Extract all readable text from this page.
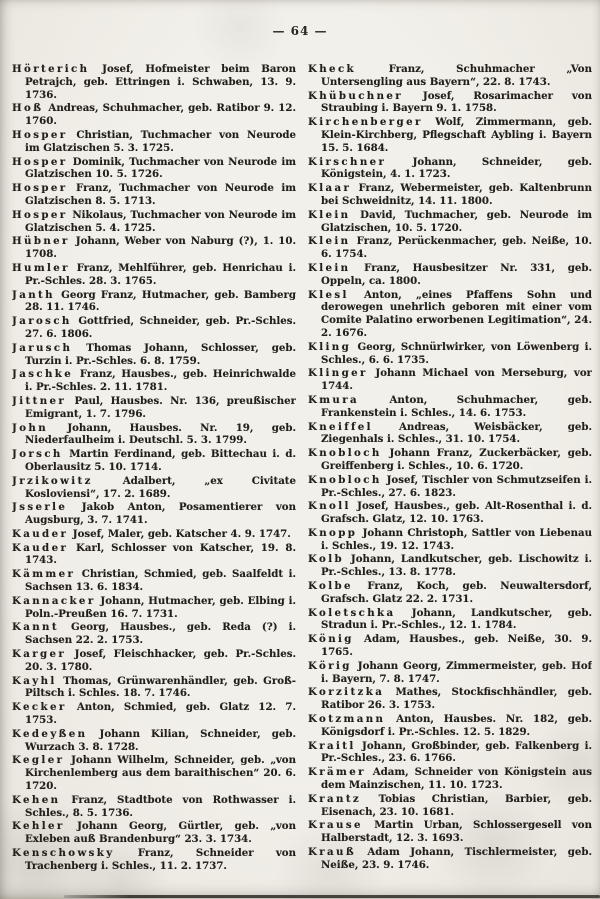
— 64 —

Hörterich Josef, Hofmeister beim Baron Petrajch, geb. Ettringen i. Schwaben, 13. 9. 1736.

Hoß Andreas, Schuhmacher, geb. Ratibor 9. 12. 1760.

Hosper Christian, Tuchmacher von Neurode im Glatzischen 5. 3. 1725.

Hosper Dominik, Tuchmacher von Neurode im Glatzischen 10. 5. 1726.

Hosper Franz, Tuchmacher von Neurode im Glatzischen 8. 5. 1713.

Hosper Nikolaus, Tuchmacher von Neurode im Glatzischen 5. 4. 1725.

Hübner Johann, Weber von Naburg (?), 1. 10. 1708.

Humler Franz, Mehlführer, geb. Henrichau i. Pr.-Schles. 28. 3. 1765.

Janth Georg Franz, Hutmacher, geb. Bamberg 28. 11. 1746.

Jarosch Gottfried, Schneider, geb. Pr.-Schles. 27. 6. 1806.

Jarusch Thomas Johann, Schlosser, geb. Turzin i. Pr.-Schles. 6. 8. 1759.

Jaschke Franz, Hausbes., geb. Heinrichwalde i. Pr.-Schles. 2. 11. 1781.

Jittner Paul, Hausbes. Nr. 136, preußischer Emigrant, 1. 7. 1796.

John Johann, Hausbes. Nr. 19, geb. Niederfaulheim i. Deutschl. 5. 3. 1799.

Jorsch Martin Ferdinand, geb. Bittechau i. d. Oberlausitz 5. 10. 1714.

Jrzikowitz Adalbert, „ex Civitate Kosloviensi“, 17. 2. 1689.

Jsserle Jakob Anton, Posamentierer von Augsburg, 3. 7. 1741.

Kauder Josef, Maler, geb. Katscher 4. 9. 1747.

Kauder Karl, Schlosser von Katscher, 19. 8. 1743.

Kämmer Christian, Schmied, geb. Saalfeldt i. Sachsen 13. 6. 1834.

Kannacker Johann, Hutmacher, geb. Elbing i. Poln.-Preußen 16. 7. 1731.

Kannt Georg, Hausbes., geb. Reda (?) i. Sachsen 22. 2. 1753.

Karger Josef, Fleischhacker, geb. Pr.-Schles. 20. 3. 1780.

Kayhl Thomas, Grünwarenhändler, geb. Groß-Piltsch i. Schles. 18. 7. 1746.

Kecker Anton, Schmied, geb. Glatz 12. 7. 1753.

Kedeyßen Johann Kilian, Schneider, geb. Wurzach 3. 8. 1728.

Kegler Johann Wilhelm, Schneider, geb. „von Kirchenlemberg aus dem baraithischen“ 20. 6. 1720.

Kehen Franz, Stadtbote von Rothwasser i. Schles., 8. 5. 1736.

Kehler Johann Georg, Gürtler, geb. „von Exleben auß Brandenburg“ 23. 3. 1734.

Kenschowsky Franz, Schneider von Trachenberg i. Schles., 11. 2. 1737.

Kheck Franz, Schuhmacher „Von Untersengling aus Bayern“, 22. 8. 1743.

Khübuchner Josef, Rosarimacher von Straubing i. Bayern 9. 1. 1758.

Kirchenberger Wolf, Zimmermann, geb. Klein-Kirchberg, Pflegschaft Aybling i. Bayern 15. 5. 1684.

Kirschner Johann, Schneider, geb. Königstein, 4. 1. 1723.

Klaar Franz, Webermeister, geb. Kaltenbrunn bei Schweidnitz, 14. 11. 1800.

Klein David, Tuchmacher, geb. Neurode im Glatzischen, 10. 5. 1720.

Klein Franz, Perückenmacher, geb. Neiße, 10. 6. 1754.

Klein Franz, Hausbesitzer Nr. 331, geb. Oppeln, ca. 1800.

Klesl Anton, „eines Pfaffens Sohn und derowegen unehrlich geboren mit einer vom Comite Palatino erworbenen Legitimation“, 24. 2. 1676.

Kling Georg, Schnürlwirker, von Löwenberg i. Schles., 6. 6. 1735.

Klinger Johann Michael von Merseburg, vor 1744.

Kmura Anton, Schuhmacher, geb. Frankenstein i. Schles., 14. 6. 1753.

Kneiffel Andreas, Weisbäcker, geb. Ziegenhals i. Schles., 31. 10. 1754.

Knobloch Johann Franz, Zuckerbäcker, geb. Greiffenberg i. Schles., 10. 6. 1720.

Knobloch Josef, Tischler von Schmutzseifen i. Pr.-Schles., 27. 6. 1823.

Knoll Josef, Hausbes., geb. Alt-Rosenthal i. d. Grafsch. Glatz, 12. 10. 1763.

Knopp Johann Christoph, Sattler von Liebenau i. Schles., 19. 12. 1743.

Kolb Johann, Landkutscher, geb. Lischowitz i. Pr.-Schles., 13. 8. 1778.

Kolbe Franz, Koch, geb. Neuwaltersdorf, Grafsch. Glatz 22. 2. 1731.

Koletschka Johann, Landkutscher, geb. Stradun i. Pr.-Schles., 12. 1. 1784.

König Adam, Hausbes., geb. Neiße, 30. 9. 1765.

Körig Johann Georg, Zimmermeister, geb. Hof i. Bayern, 7. 8. 1747.

Korzitzka Mathes, Stockfischhändler, geb. Ratibor 26. 3. 1753.

Kotzmann Anton, Hausbes. Nr. 182, geb. Königsdorf i. Pr.-Schles. 12. 5. 1829.

Kraitl Johann, Großbinder, geb. Falkenberg i. Pr.-Schles., 23. 6. 1766.

Krämer Adam, Schneider von Königstein aus dem Mainzischen, 11. 10. 1723.

Krantz Tobias Christian, Barbier, geb. Eisenach, 23. 10. 1681.

Krause Martin Urban, Schlossergesell von Halberstadt, 12. 3. 1693.

Krauß Adam Johann, Tischlermeister, geb. Neiße, 23. 9. 1746.
